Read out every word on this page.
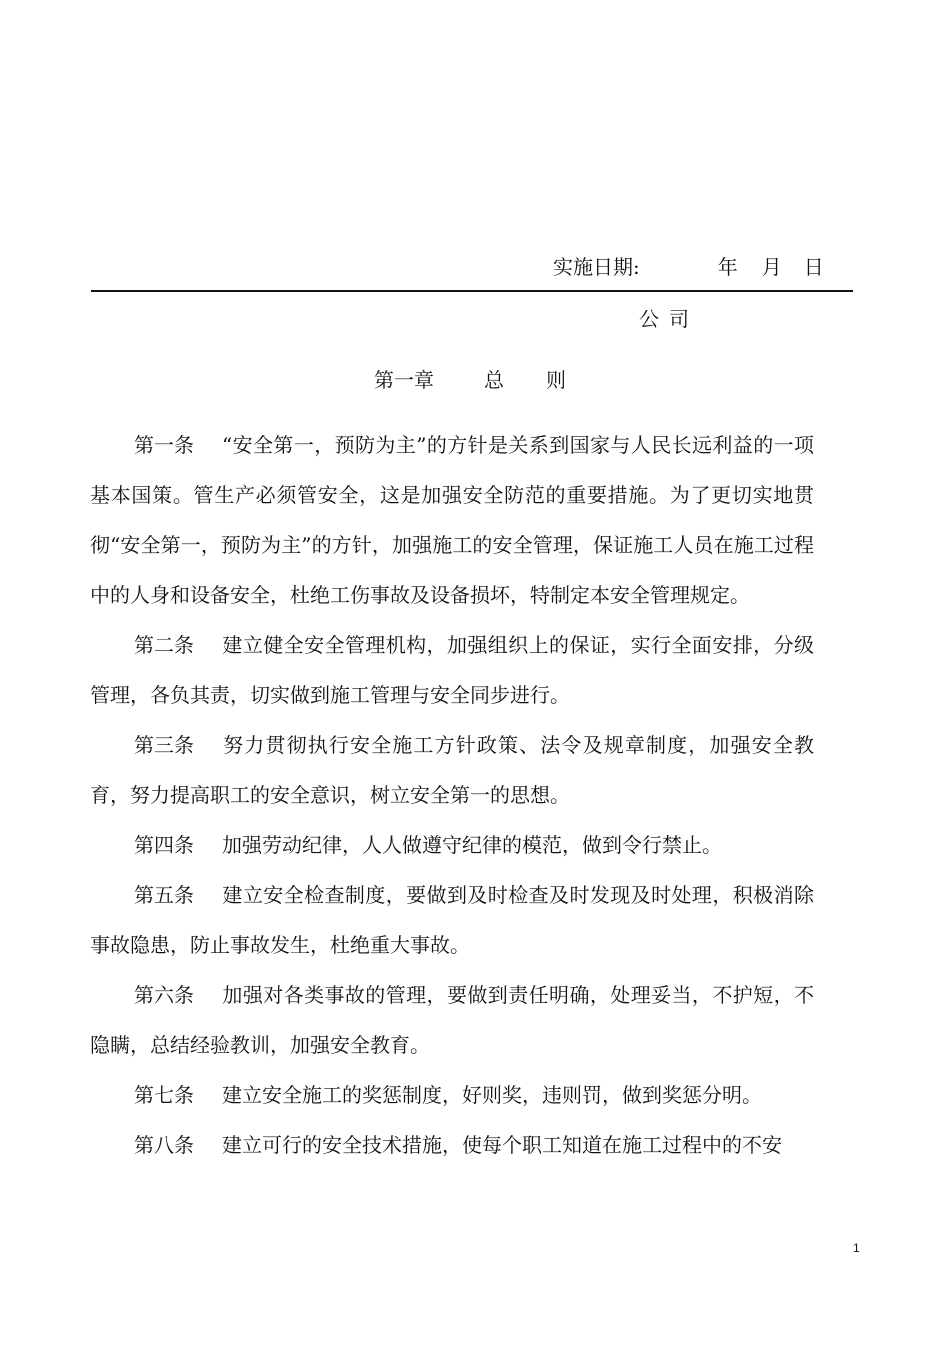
实施日期:	年 月 日
公司
第一章	总则

第一条 “安全第一，预防为主”的方针是关系到国家与人民长远利益的一项基本国策。管生产必须管安全，这是加强安全防范的重要措施。为了更切实地贯彻“安全第一，预防为主”的方针，加强施工的安全管理，保证施工人员在施工过程中的人身和设备安全，杜绝工伤事故及设备损坏，特制定本安全管理规定。

第二条 建立健全安全管理机构，加强组织上的保证，实行全面安排，分级管理，各负其责，切实做到施工管理与安全同步进行。

第三条 努力贯彻执行安全施工方针政策、法令及规章制度，加强安全教育，努力提高职工的安全意识，树立安全第一的思想。

第四条 加强劳动纪律，人人做遵守纪律的模范，做到令行禁止。

第五条 建立安全检查制度，要做到及时检查及时发现及时处理，积极消除事故隐患，防止事故发生，杜绝重大事故。

第六条 加强对各类事故的管理，要做到责任明确，处理妥当，不护短，不隐瞒，总结经验教训，加强安全教育。

第七条 建立安全施工的奖惩制度，好则奖，违则罚，做到奖惩分明。

第八条 建立可行的安全技术措施，使每个职工知道在施工过程中的不安

1
